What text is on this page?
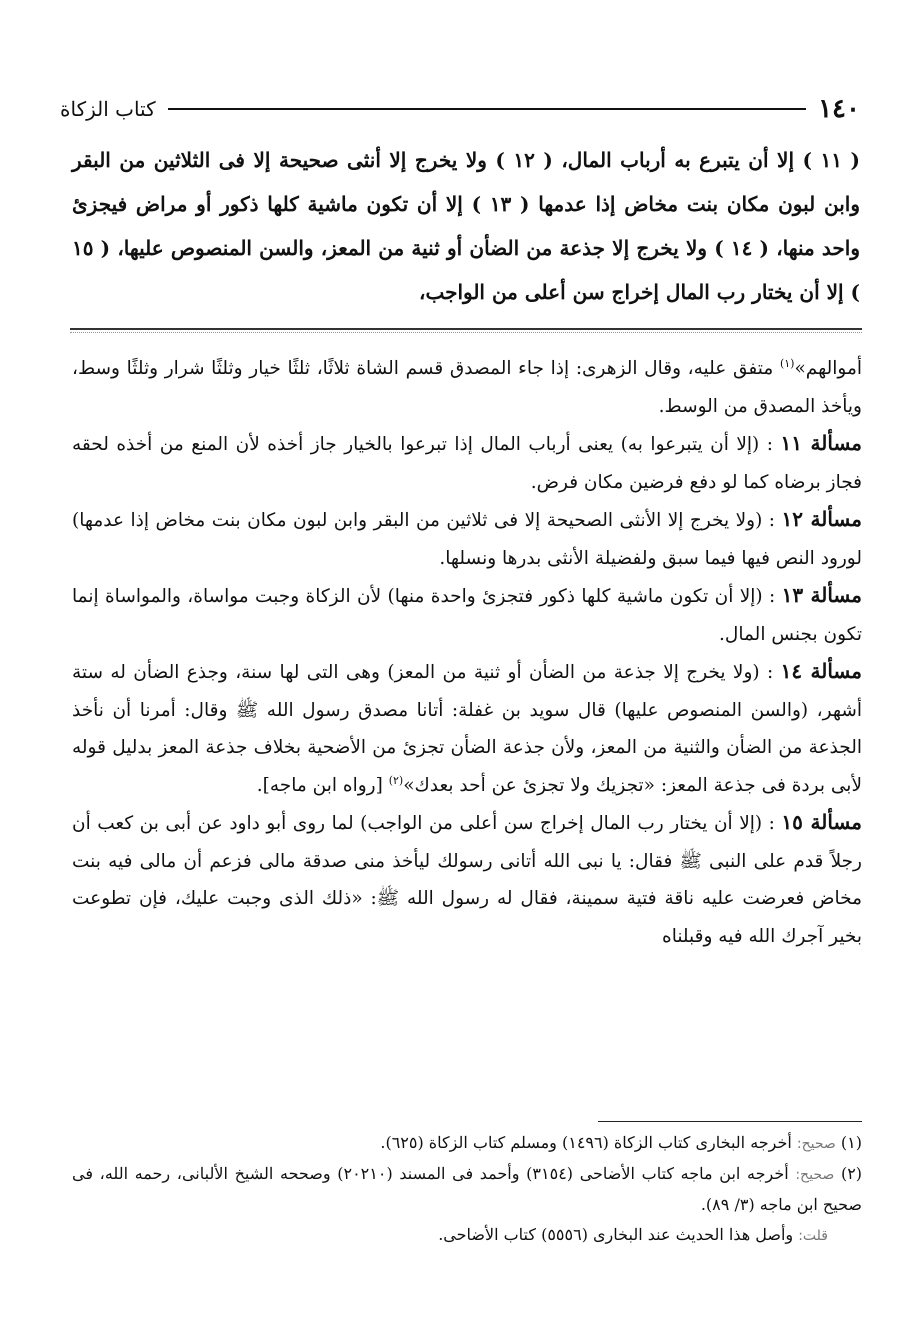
١٤٠
كتاب الزكاة
( ١١ ) إلا أن يتبرع به أرباب المال، ( ١٢ ) ولا يخرج إلا أنثى صحيحة إلا فى الثلاثين من البقر وابن لبون مكان بنت مخاض إذا عدمها ( ١٣ ) إلا أن تكون ماشية كلها ذكور أو مراض فيجزئ واحد منها، ( ١٤ ) ولا يخرج إلا جذعة من الضأن أو ثنية من المعز، والسن المنصوص عليها، ( ١٥ ) إلا أن يختار رب المال إخراج سن أعلى من الواجب،

أموالهم»$^{(١)}$ متفق عليه، وقال الزهرى: إذا جاء المصدق قسم الشاة ثلاثًا، ثلثًا خيار وثلثًا شرار وثلثًا وسط، ويأخذ المصدق من الوسط.

مسألة ١١ : (إلا أن يتبرعوا به) يعنى أرباب المال إذا تبرعوا بالخيار جاز أخذه لأن المنع من أخذه لحقه فجاز برضاه كما لو دفع فرضين مكان فرض.

مسألة ١٢ : (ولا يخرج إلا الأنثى الصحيحة إلا فى ثلاثين من البقر وابن لبون مكان بنت مخاض إذا عدمها) لورود النص فيها فيما سبق ولفضيلة الأنثى بدرها ونسلها.

مسألة ١٣ : (إلا أن تكون ماشية كلها ذكور فتجزئ واحدة منها) لأن الزكاة وجبت مواساة، والمواساة إنما تكون بجنس المال.

مسألة ١٤ : (ولا يخرج إلا جذعة من الضأن أو ثنية من المعز) وهى التى لها سنة، وجذع الضأن له ستة أشهر، (والسن المنصوص عليها) قال سويد بن غفلة: أتانا مصدق رسول الله ﷺ وقال: أمرنا أن نأخذ الجذعة من الضأن والثنية من المعز، ولأن جذعة الضأن تجزئ من الأضحية بخلاف جذعة المعز بدليل قوله لأبى بردة فى جذعة المعز: «تجزيك ولا تجزئ عن أحد بعدك»$^{(٢)}$ [رواه ابن ماجه].

مسألة ١٥ : (إلا أن يختار رب المال إخراج سن أعلى من الواجب) لما روى أبو داود عن أبى بن كعب أن رجلاً قدم على النبى ﷺ فقال: يا نبى الله أتانى رسولك ليأخذ منى صدقة مالى فزعم أن مالى فيه بنت مخاض فعرضت عليه ناقة فتية سمينة، فقال له رسول الله ﷺ: «ذلك الذى وجبت عليك، فإن تطوعت بخير آجرك الله فيه وقبلناه

(١) صحيح: أخرجه البخارى كتاب الزكاة (١٤٩٦) ومسلم كتاب الزكاة (٦٢٥).

(٢) صحيح: أخرجه ابن ماجه كتاب الأضاحى (٣١٥٤) وأحمد فى المسند (٢٠٢١٠) وصححه الشيخ الألبانى، رحمه الله، فى صحيح ابن ماجه (٣/ ٨٩).

قلت: وأصل هذا الحديث عند البخارى (٥٥٥٦) كتاب الأضاحى.
